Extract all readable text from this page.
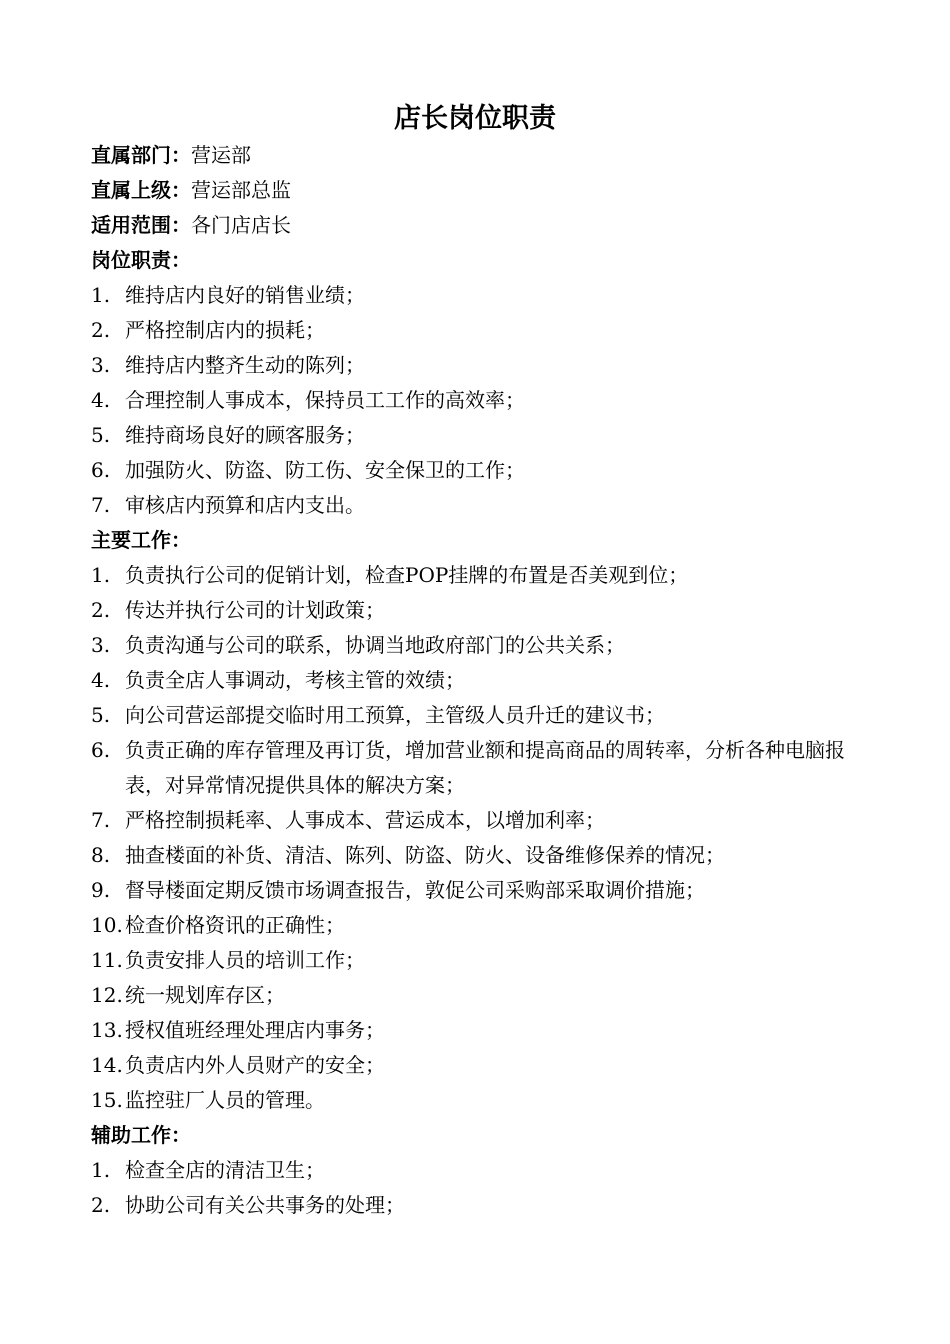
店长岗位职责
直属部门：营运部
直属上级：营运部总监
适用范围：各门店店长
岗位职责：
1. 维持店内良好的销售业绩；
2. 严格控制店内的损耗；
3. 维持店内整齐生动的陈列；
4. 合理控制人事成本，保持员工工作的高效率；
5. 维持商场良好的顾客服务；
6. 加强防火、防盗、防工伤、安全保卫的工作；
7. 审核店内预算和店内支出。
主要工作：
1. 负责执行公司的促销计划，检查POP挂牌的布置是否美观到位；
2. 传达并执行公司的计划政策；
3. 负责沟通与公司的联系，协调当地政府部门的公共关系；
4. 负责全店人事调动，考核主管的效绩；
5. 向公司营运部提交临时用工预算，主管级人员升迁的建议书；
6. 负责正确的库存管理及再订货，增加营业额和提高商品的周转率，分析各种电脑报表，对异常情况提供具体的解决方案；
7. 严格控制损耗率、人事成本、营运成本，以增加利率；
8. 抽查楼面的补货、清洁、陈列、防盗、防火、设备维修保养的情况；
9. 督导楼面定期反馈市场调查报告，敦促公司采购部采取调价措施；
10. 检查价格资讯的正确性；
11. 负责安排人员的培训工作；
12. 统一规划库存区；
13. 授权值班经理处理店内事务；
14. 负责店内外人员财产的安全；
15. 监控驻厂人员的管理。
辅助工作：
1. 检查全店的清洁卫生；
2. 协助公司有关公共事务的处理；
